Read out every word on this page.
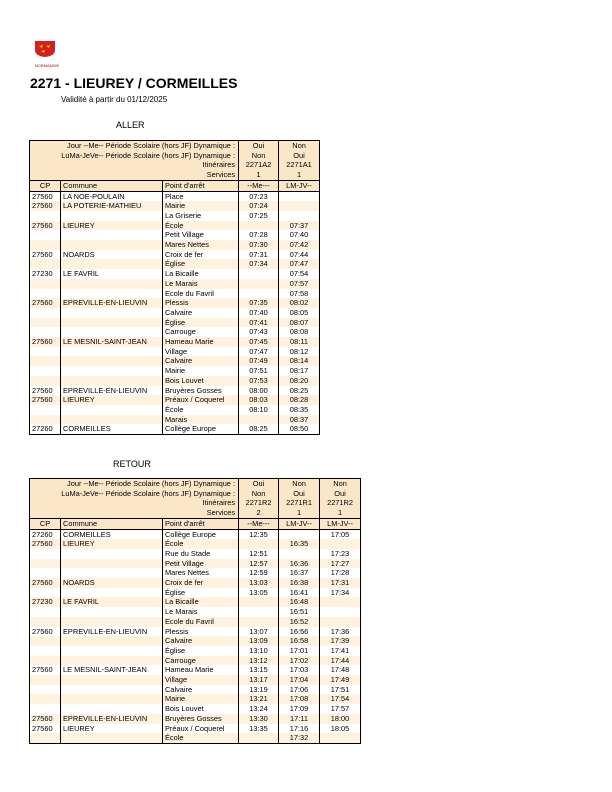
NORMANDIE
2271 - LIEUREY / CORMEILLES
Validité à partir du 01/12/2025
ALLER
Jour --Me-- Période Scolaire (hors JF) Dynamique :			Oui	Non
LuMa-JeVe-- Période Scolaire (hors JF) Dynamique :			Non	Oui
Itinéraires			2271A2	2271A1
Services			1	1
CP	Commune	Point d'arrêt	--Me---	LM-JV--
27560	LA NOE-POULAIN	Place	07:23	
27560	LA POTERIE-MATHIEU	Mairie	07:24	
		La Griserie	07:25	
27560	LIEUREY	École		07:37
		Petit Village	07:28	07:40
		Mares Nettes	07:30	07:42
27560	NOARDS	Croix de fer	07:31	07:44
		Église	07:34	07:47
27230	LE FAVRIL	La Bicaille		07:54
		Le Marais		07:57
		Ecole du Favril		07:58
27560	EPREVILLE-EN-LIEUVIN	Plessis	07:35	08:02
		Calvaire	07:40	08:05
		Église	07:41	08:07
		Carrouge	07:43	08:08
27560	LE MESNIL-SAINT-JEAN	Hameau Marie	07:45	08:11
		Village	07:47	08:12
		Calvaire	07:49	08:14
		Mairie	07:51	08:17
		Bois Louvet	07:53	08:20
27560	EPREVILLE-EN-LIEUVIN	Bruyères Gosses	08:00	08:25
27560	LIEUREY	Préaux / Coquerel	08:03	08:28
		École	08:10	08:35
		Marais		08:37
27260	CORMEILLES	Collège Europe	08:25	08:50
RETOUR
Jour --Me-- Période Scolaire (hors JF) Dynamique :			Oui	Non	Non
LuMa-JeVe-- Période Scolaire (hors JF) Dynamique :			Non	Oui	Oui
Itinéraires			2271R2	2271R1	2271R2
Services			2	1	1
CP	Commune	Point d'arrêt	--Me---	LM-JV--	LM-JV--
27260	CORMEILLES	Collège Europe	12:35		17:05
27560	LIEUREY	École		16:35	
		Rue du Stade	12:51		17:23
		Petit Village	12:57	16:36	17:27
		Mares Nettes	12:59	16:37	17:28
27560	NOARDS	Croix de fer	13:03	16:38	17:31
		Église	13:05	16:41	17:34
27230	LE FAVRIL	La Bicaille		16:48	
		Le Marais		16:51	
		Ecole du Favril		16:52	
27560	EPREVILLE-EN-LIEUVIN	Plessis	13:07	16:56	17:36
		Calvaire	13:09	16:58	17:39
		Église	13:10	17:01	17:41
		Carrouge	13:12	17:02	17:44
27560	LE MESNIL-SAINT-JEAN	Hameau Marie	13:15	17:03	17:48
		Village	13:17	17:04	17:49
		Calvaire	13:19	17:06	17:51
		Mairie	13:21	17:08	17:54
		Bois Louvet	13:24	17:09	17:57
27560	EPREVILLE-EN-LIEUVIN	Bruyères Gosses	13:30	17:11	18:00
27560	LIEUREY	Préaux / Coquerel	13:35	17:16	18:05
		École		17:32	
